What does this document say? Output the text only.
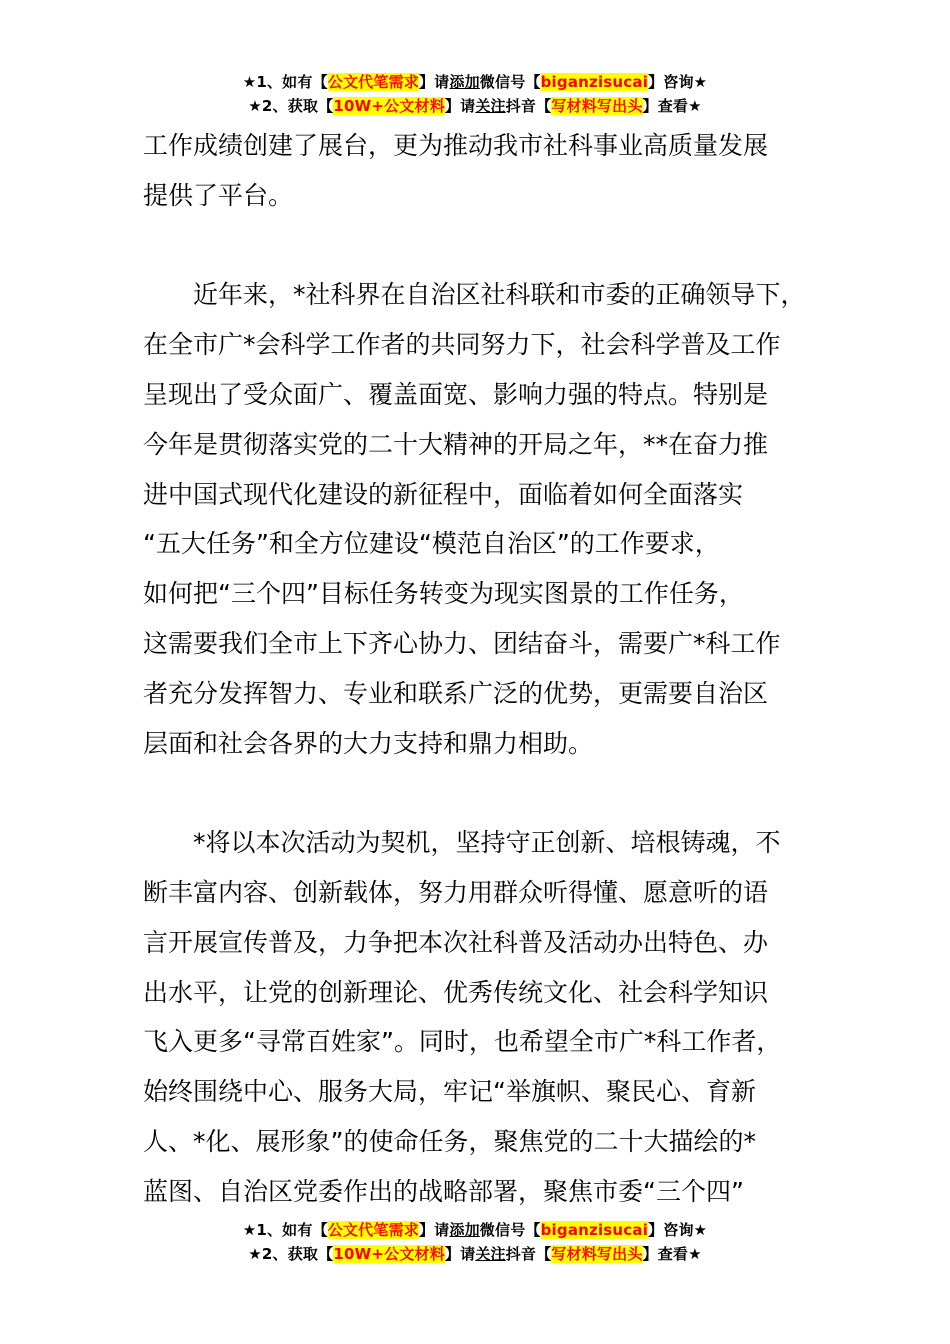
★1、如有【公文代笔需求】请添加微信号【biganzisucai】咨询★
★2、获取【10W+公文材料】请关注抖音【写材料写出头】查看★

工作成绩创建了展台，更为推动我市社科事业高质量发展
提供了平台。

　　近年来，*社科界在自治区社科联和市委的正确领导下，
在全市广*会科学工作者的共同努力下，社会科学普及工作
呈现出了受众面广、覆盖面宽、影响力强的特点。特别是
今年是贯彻落实党的二十大精神的开局之年，**在奋力推
进中国式现代化建设的新征程中，面临着如何全面落实
“五大任务”和全方位建设“模范自治区”的工作要求，
如何把“三个四”目标任务转变为现实图景的工作任务，
这需要我们全市上下齐心协力、团结奋斗，需要广*科工作
者充分发挥智力、专业和联系广泛的优势，更需要自治区
层面和社会各界的大力支持和鼎力相助。

　　*将以本次活动为契机，坚持守正创新、培根铸魂，不
断丰富内容、创新载体，努力用群众听得懂、愿意听的语
言开展宣传普及，力争把本次社科普及活动办出特色、办
出水平，让党的创新理论、优秀传统文化、社会科学知识
飞入更多“寻常百姓家”。同时，也希望全市广*科工作者，
始终围绕中心、服务大局，牢记“举旗帜、聚民心、育新
人、*化、展形象”的使命任务，聚焦党的二十大描绘的*
蓝图、自治区党委作出的战略部署，聚焦市委“三个四”

★1、如有【公文代笔需求】请添加微信号【biganzisucai】咨询★
★2、获取【10W+公文材料】请关注抖音【写材料写出头】查看★
